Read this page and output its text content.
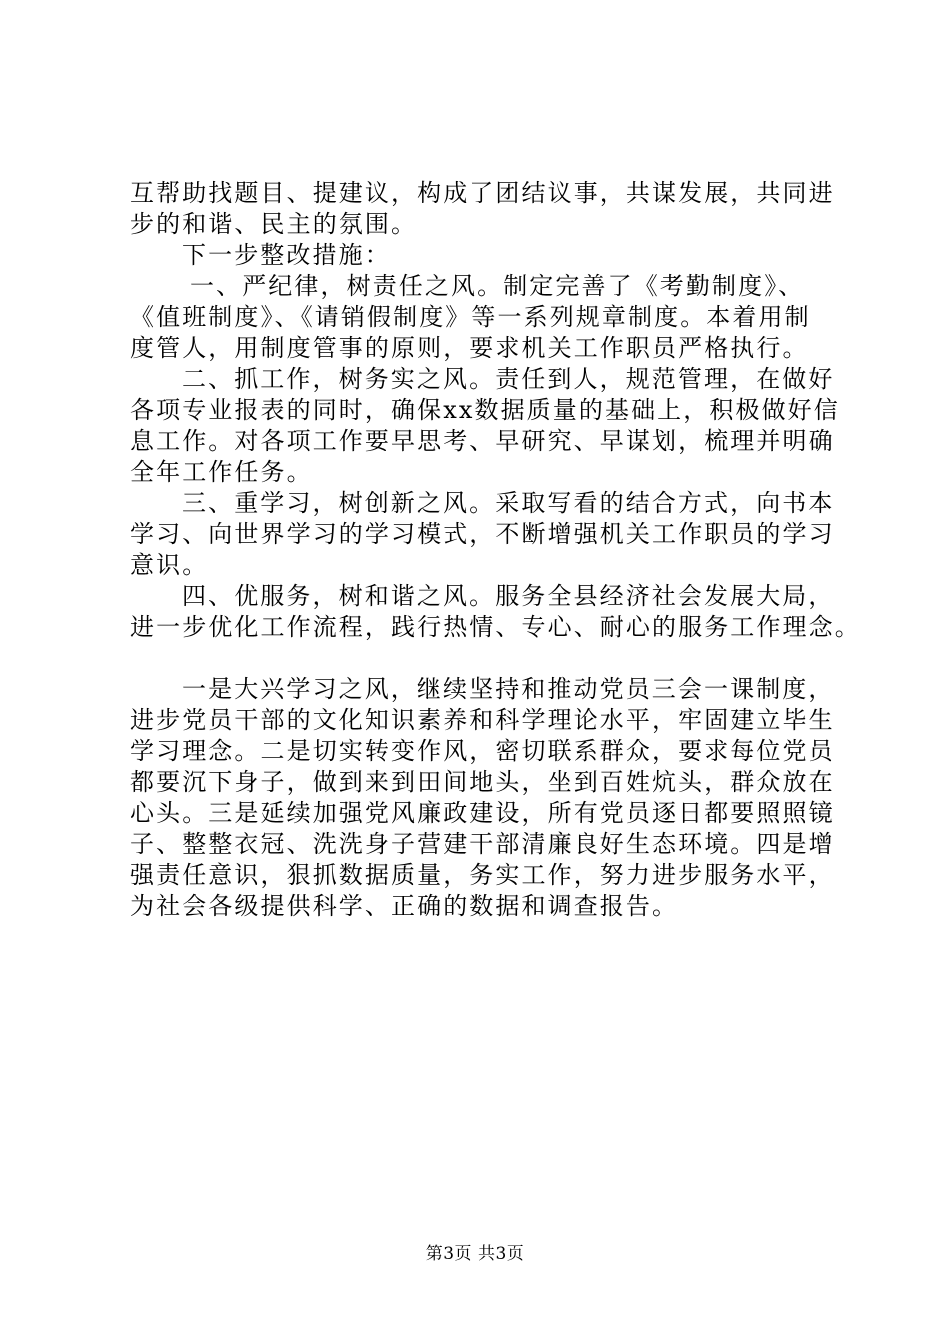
互帮助找题目、提建议，构成了团结议事，共谋发展，共同进
步的和谐、民主的氛围。
下一步整改措施：
一、严纪律，树责任之风。制定完善了《考勤制度》、
《值班制度》、《请销假制度》等一系列规章制度。本着用制
度管人，用制度管事的原则，要求机关工作职员严格执行。
二、抓工作，树务实之风。责任到人，规范管理，在做好
各项专业报表的同时，确保xx数据质量的基础上，积极做好信
息工作。对各项工作要早思考、早研究、早谋划，梳理并明确
全年工作任务。
三、重学习，树创新之风。采取写看的结合方式，向书本
学习、向世界学习的学习模式，不断增强机关工作职员的学习
意识。
四、优服务，树和谐之风。服务全县经济社会发展大局，
进一步优化工作流程，践行热情、专心、耐心的服务工作理念。
一是大兴学习之风，继续坚持和推动党员三会一课制度，
进步党员干部的文化知识素养和科学理论水平，牢固建立毕生
学习理念。二是切实转变作风，密切联系群众，要求每位党员
都要沉下身子，做到来到田间地头，坐到百姓炕头，群众放在
心头。三是延续加强党风廉政建设，所有党员逐日都要照照镜
子、整整衣冠、洗洗身子营建干部清廉良好生态环境。四是增
强责任意识，狠抓数据质量，务实工作，努力进步服务水平，
为社会各级提供科学、正确的数据和调查报告。
第3页 共3页
